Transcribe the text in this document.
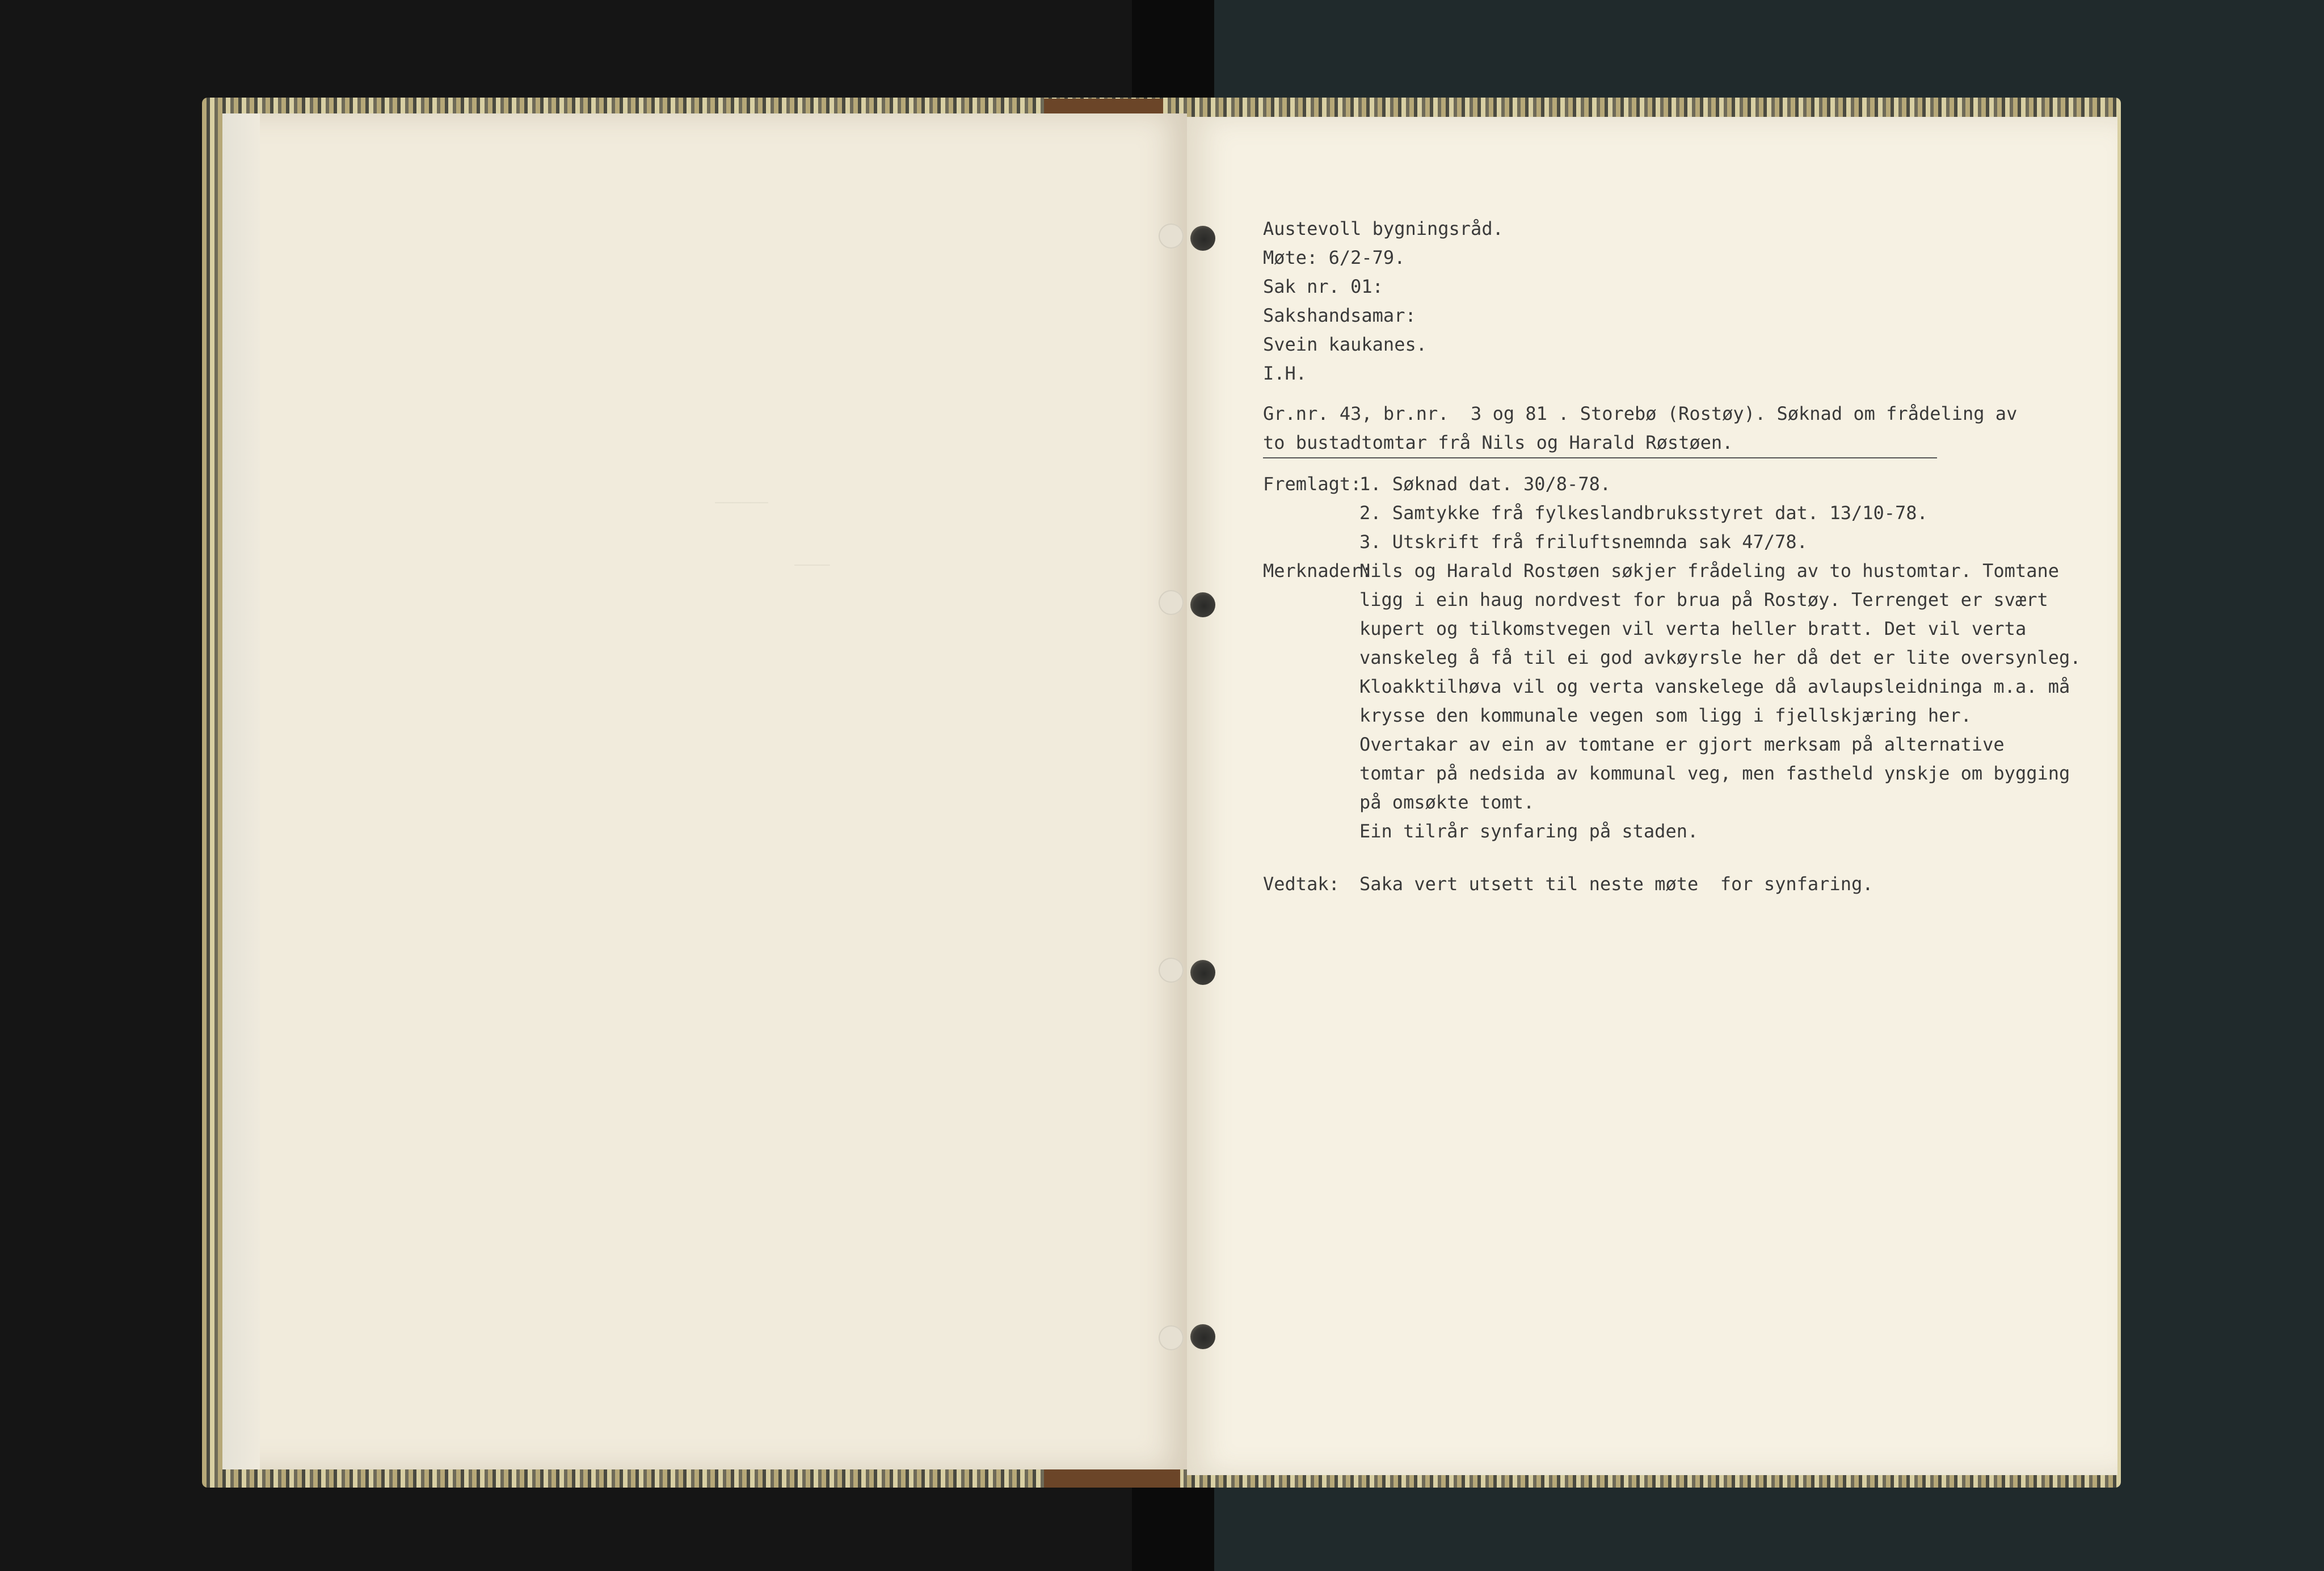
——————
————
Austevoll bygningsråd.
Møte: 6/2-79.
Sak nr. 01:
Sakshandsamar:
Svein kaukanes.
I.H.
Gr.nr. 43, br.nr.  3 og 81 . Storebø (Rostøy). Søknad om frådeling av
to bustadtomtar frå Nils og Harald Røstøen.
Fremlagt:
1. Søknad dat. 30/8-78.
2. Samtykke frå fylkeslandbruksstyret dat. 13/10-78.
3. Utskrift frå friluftsnemnda sak 47/78.
Merknader:
Nils og Harald Rostøen søkjer frådeling av to hustomtar. Tomtane
ligg i ein haug nordvest for brua på Rostøy. Terrenget er svært
kupert og tilkomstvegen vil verta heller bratt. Det vil verta
vanskeleg å få til ei god avkøyrsle her då det er lite oversynleg.
Kloakktilhøva vil og verta vanskelege då avlaupsleidninga m.a. må
krysse den kommunale vegen som ligg i fjellskjæring her.
Overtakar av ein av tomtane er gjort merksam på alternative
tomtar på nedsida av kommunal veg, men fastheld ynskje om bygging
på omsøkte tomt.
Ein tilrår synfaring på staden.
Vedtak:	Saka vert utsett til neste møte  for synfaring.
